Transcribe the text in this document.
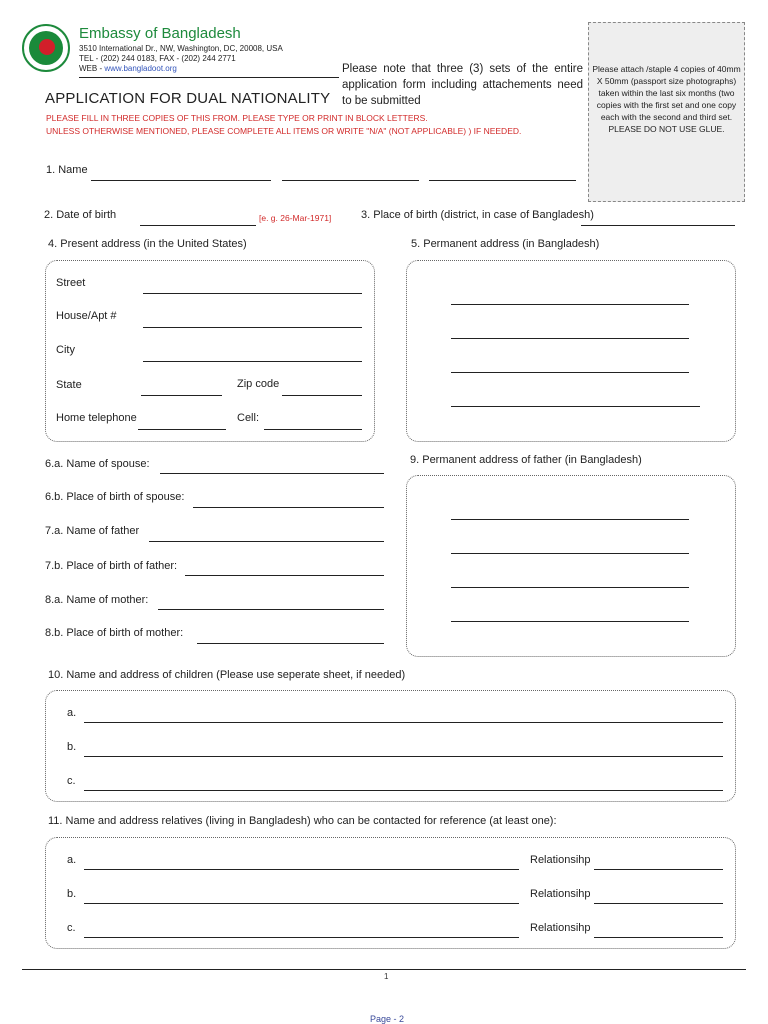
Embassy of Bangladesh
3510 International Dr., NW, Washington, DC, 20008, USA
TEL - (202) 244 0183, FAX - (202) 244 2771
WEB - www.bangladoot.org	Please note that three (3) sets of the entire application form including attachements need to be submitted
Please attach /staple 4 copies of 40mm X 50mm (passport size photographs) taken within the last six months (two copies with the first set and one copy each with the second and third set. PLEASE DO NOT USE GLUE.
APPLICATION FOR DUAL NATIONALITY
PLEASE FILL IN THREE COPIES OF THIS FROM. PLEASE TYPE OR PRINT IN BLOCK LETTERS.
UNLESS OTHERWISE MENTIONED, PLEASE COMPLETE ALL ITEMS OR WRITE "N/A" (NOT APPLICABLE) ) IF NEEDED.
1. Name
2. Date of birth	[e. g. 26-Mar-1971]	3. Place of birth (district, in case of Bangladesh)
4. Present address (in the United States)
Street
House/Apt #
City
State	Zip code
Home telephone	Cell:
5. Permanent address (in Bangladesh)
6.a. Name of spouse:
6.b. Place of birth of spouse:
7.a. Name of father
7.b. Place of birth of father:
8.a. Name of mother:
8.b. Place of birth of mother:
9. Permanent address of father (in Bangladesh)
10. Name and address of children (Please use seperate sheet, if needed)
a.
b.
c.
11. Name and address relatives (living in Bangladesh) who can be contacted for reference (at least one):
a.	Relationsihp
b.	Relationsihp
c.	Relationsihp
1
Page - 2
